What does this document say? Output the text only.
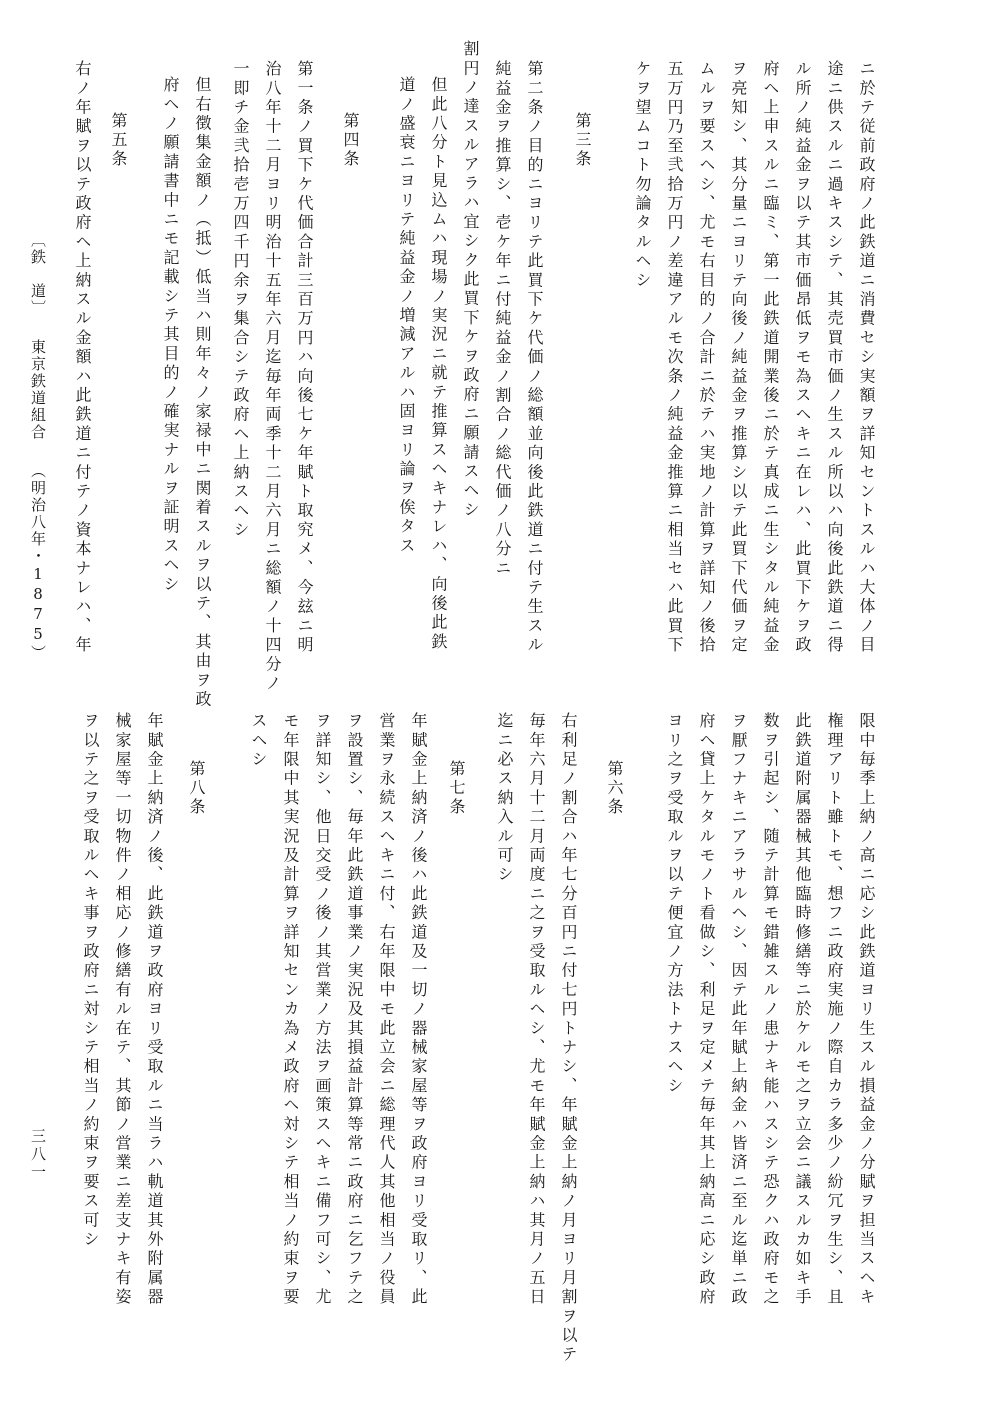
ニ於テ従前政府ノ此鉄道ニ消費セシ実額ヲ詳知セントスルハ大体ノ目
途ニ供スルニ過キスシテ、其売買市価ノ生スル所以ハ向後此鉄道ニ得
ル所ノ純益金ヲ以テ其市価昂低ヲモ為スヘキニ在レハ、此買下ケヲ政
府ヘ上申スルニ臨ミ、第一此鉄道開業後ニ於テ真成ニ生シタル純益金
ヲ亮知シ、其分量ニヨリテ向後ノ純益金ヲ推算シ以テ此買下代価ヲ定
ムルヲ要スヘシ、尤モ右目的ノ合計ニ於テハ実地ノ計算ヲ詳知ノ後拾
五万円乃至弐拾万円ノ差違アルモ次条ノ純益金推算ニ相当セハ此買下
ケヲ望ムコト勿論タルヘシ
第三条
第二条ノ目的ニヨリテ此買下ケ代価ノ総額並向後此鉄道ニ付テ生スル
純益金ヲ推算シ、壱ケ年ニ付純益金ノ割合ノ総代価ノ八分ニ
割円ノ達スルアラハ宜シク此買下ケヲ政府ニ願請スヘシ
但此八分ト見込ムハ現場ノ実況ニ就テ推算スヘキナレハ、向後此鉄
道ノ盛衰ニヨリテ純益金ノ増減アルハ固ヨリ論ヲ俟タス
第四条
第一条ノ買下ケ代価合計三百万円ハ向後七ケ年賦ト取究メ、今玆ニ明
治八年十二月ヨリ明治十五年六月迄毎年両季十二月六月ニ総額ノ十四分ノ
一即チ金弐拾壱万四千円余ヲ集合シテ政府ヘ上納スヘシ
但右徴集金額ノ（抵）低当ハ則年々ノ家禄中ニ関着スルヲ以テ、其由ヲ政
府ヘノ願請書中ニモ記載シテ其目的ノ確実ナルヲ証明スヘシ
第五条
右ノ年賦ヲ以テ政府ヘ上納スル金額ハ此鉄道ニ付テノ資本ナレハ、年
限中毎季上納ノ高ニ応シ此鉄道ヨリ生スル損益金ノ分賦ヲ担当スヘキ
権理アリト雖トモ、想フニ政府実施ノ際自カラ多少ノ紛冗ヲ生シ、且
此鉄道附属器械其他臨時修繕等ニ於ケルモ之ヲ立会ニ議スルカ如キ手
数ヲ引起シ、随テ計算モ錯雑スルノ患ナキ能ハスシテ恐クハ政府モ之
ヲ厭フナキニアラサルヘシ、因テ此年賦上納金ハ皆済ニ至ル迄単ニ政
府ヘ貸上ケタルモノト看做シ、利足ヲ定メテ毎年其上納高ニ応シ政府
ヨリ之ヲ受取ルヲ以テ便宜ノ方法トナスヘシ
第六条
右利足ノ割合ハ年七分百円ニ付七円トナシ、年賦金上納ノ月ヨリ月割ヲ以テ
毎年六月十二月両度ニ之ヲ受取ルヘシ、尤モ年賦金上納ハ其月ノ五日
迄ニ必ス納入ル可シ
第七条
年賦金上納済ノ後ハ此鉄道及一切ノ器械家屋等ヲ政府ヨリ受取リ、此
営業ヲ永続スヘキニ付、右年限中モ此立会ニ総理代人其他相当ノ役員
ヲ設置シ、毎年此鉄道事業ノ実況及其損益計算等常ニ政府ニ乞フテ之
ヲ詳知シ、他日交受ノ後ノ其営業ノ方法ヲ画策スヘキニ備フ可シ、尤
モ年限中其実況及計算ヲ詳知センカ為メ政府ヘ対シテ相当ノ約束ヲ要
スヘシ
第八条
年賦金上納済ノ後、此鉄道ヲ政府ヨリ受取ルニ当ラハ軌道其外附属器
械家屋等一切物件ノ相応ノ修繕有ル在テ、其節ノ営業ニ差支ナキ有姿
ヲ以テ之ヲ受取ルヘキ事ヲ政府ニ対シテ相当ノ約束ヲ要ス可シ
〔鉄　道〕東京鉄道組合（明治八年・1875）
三八一
